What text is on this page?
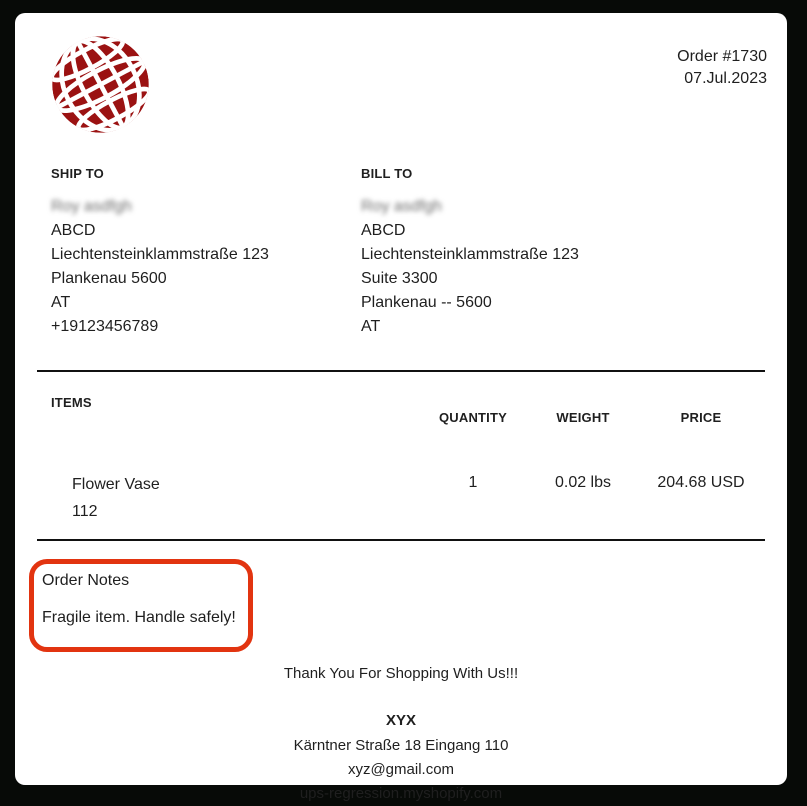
Order #1730
07.Jul.2023
SHIP TO
Roy asdfgh
ABCD
Liechtensteinklammstraße 123
Plankenau 5600
AT
+19123456789
BILL TO
Roy asdfgh
ABCD
Liechtensteinklammstraße 123
Suite 3300
Plankenau -- 5600
AT
ITEMS	QUANTITY	WEIGHT	PRICE

Flower Vase
112	1	0.02 lbs	204.68 USD
Order Notes
Fragile item. Handle safely!
Thank You For Shopping With Us!!!
XYX
Kärntner Straße 18 Eingang 110
xyz@gmail.com
ups-regression.myshopify.com
